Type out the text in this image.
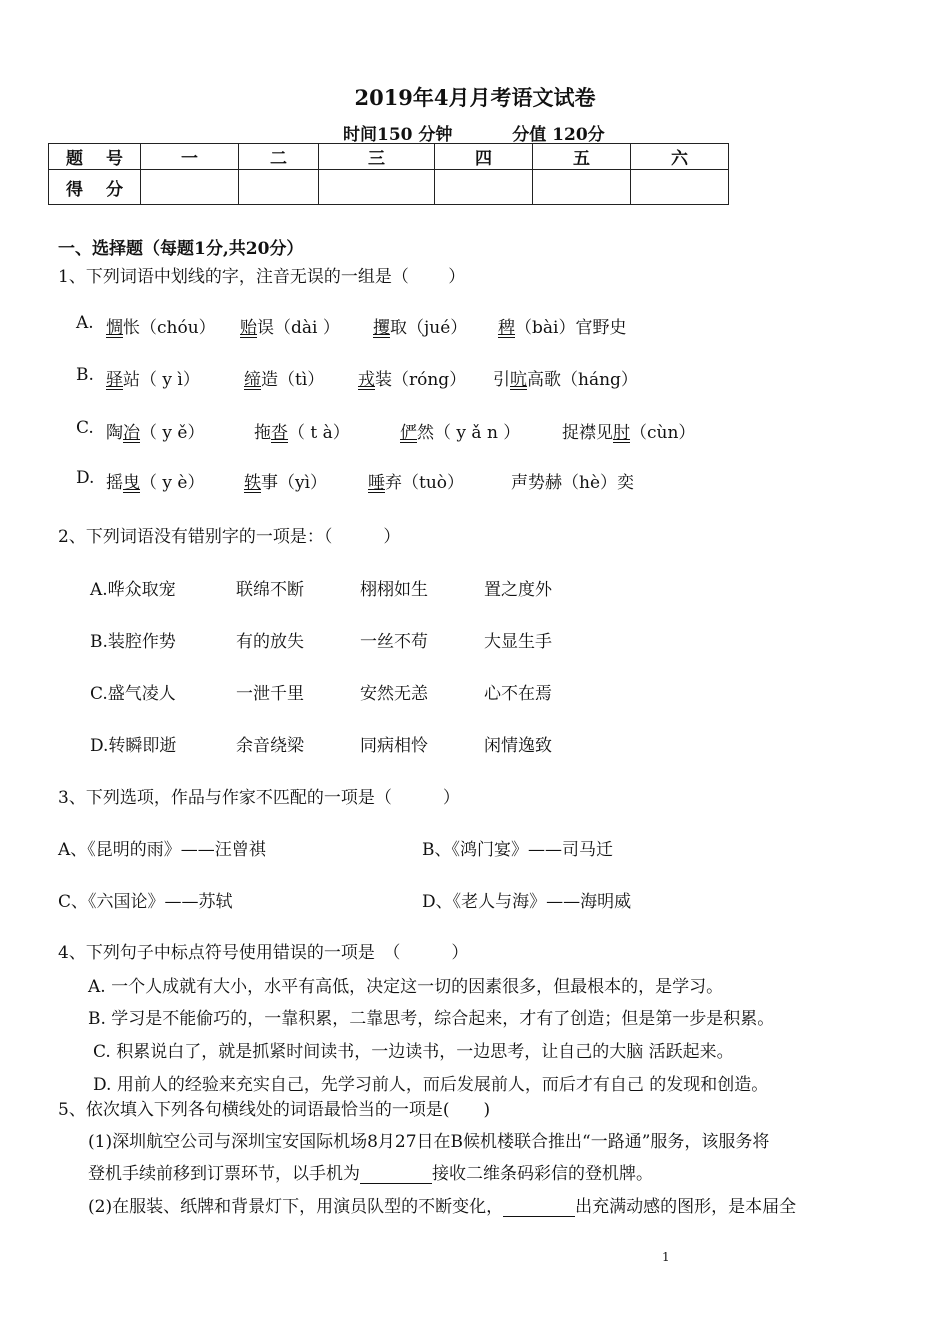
2019年4月月考语文试卷
时间150 分钟	分值 120分
题　 号	一	二	三	四	五	六
得　 分						
一、选择题（每题1分,共20分）
1、下列词语中划线的字，注音无误的一组是（　　 ）
A. 惆怅（chóu） 贻误（dài ） 攫取（jué） 稗（bài）官野史
B. 驿站（ y ì）	缔造（tì） 戎装（róng） 引吭高歌（háng）
C. 陶冶（ y ě）	拖沓（ t à）	俨然（ y ǎ n ） 捉襟见肘（cùn）
D. 摇曳（ y è） 轶事（yì） 唾弃（tuò）	声势赫（hè）奕
2、下列词语没有错别字的一项是：（　　　）
A.哗众取宠	联绵不断	栩栩如生	置之度外
B.装腔作势	有的放失	一丝不苟	大显生手
C.盛气凌人	一泄千里	安然无恙	心不在焉
D.转瞬即逝	余音绕梁	同病相怜	闲情逸致
3、下列选项，作品与作家不匹配的一项是（　　　）
A、《昆明的雨》——汪曾祺	B、《鸿门宴》——司马迁
C、《六国论》——苏轼	D、《老人与海》——海明威
4、下列句子中标点符号使用错误的一项是　（　　　）
A. 一个人成就有大小，水平有高低，决定这一切的因素很多，但最根本的，是学习。
B. 学习是不能偷巧的，一靠积累，二靠思考，综合起来，才有了创造；但是第一步是积累。
C. 积累说白了，就是抓紧时间读书，一边读书，一边思考，让自己的大脑 活跃起来。
D. 用前人的经验来充实自己，先学习前人，而后发展前人，而后才有自己 的发现和创造。
5、依次填入下列各句横线处的词语最恰当的一项是(　　)
(1)深圳航空公司与深圳宝安国际机场8月27日在B候机楼联合推出“一路通”服务，该服务将
登机手续前移到订票环节，以手机为	接收二维条码彩信的登机牌。
(2)在服装、纸牌和背景灯下，用演员队型的不断变化，	出充满动感的图形，是本届全
1
